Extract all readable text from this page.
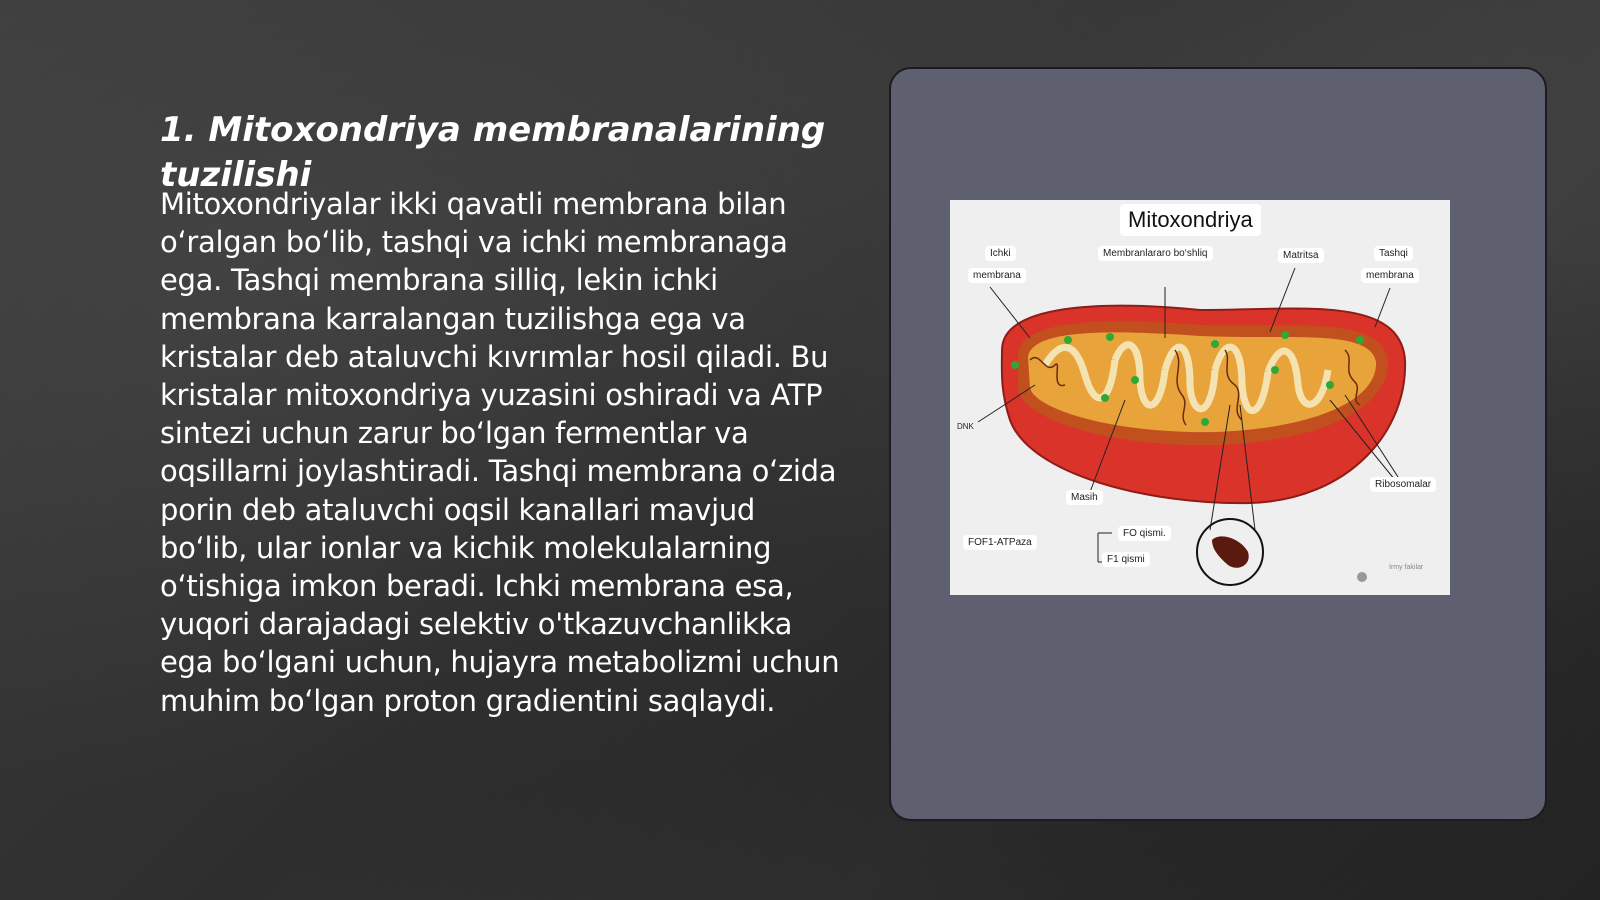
1. Mitoxondriya membranalarining tuzilishi

Mitoxondriyalar ikki qavatli membrana bilan o‘ralgan bo‘lib, tashqi va ichki membranaga ega. Tashqi membrana silliq, lekin ichki membrana karralangan tuzilishga ega va kristalar deb ataluvchi kıvrımlar hosil qiladi. Bu kristalar mitoxondriya yuzasini oshiradi va ATP sintezi uchun zarur bo‘lgan fermentlar va oqsillarni joylashtiradi. Tashqi membrana o‘zida porin deb ataluvchi oqsil kanallari mavjud bo‘lib, ular ionlar va kichik molekulalarning o‘tishiga imkon beradi. Ichki membrana esa, yuqori darajadagi selektiv o'tkazuvchanlikka ega bo‘lgani uchun, hujayra metabolizmi uchun muhim bo‘lgan proton gradientini saqlaydi.

Mitoxondriya
Ichki
membrana
Membranlararo bo‘shliq	Matritsa	Tashqi
membrana
DNK
Masih
Ribosomalar
FOF1-ATPaza
FO qismi.
F1 qismi
Irmy fakilar
